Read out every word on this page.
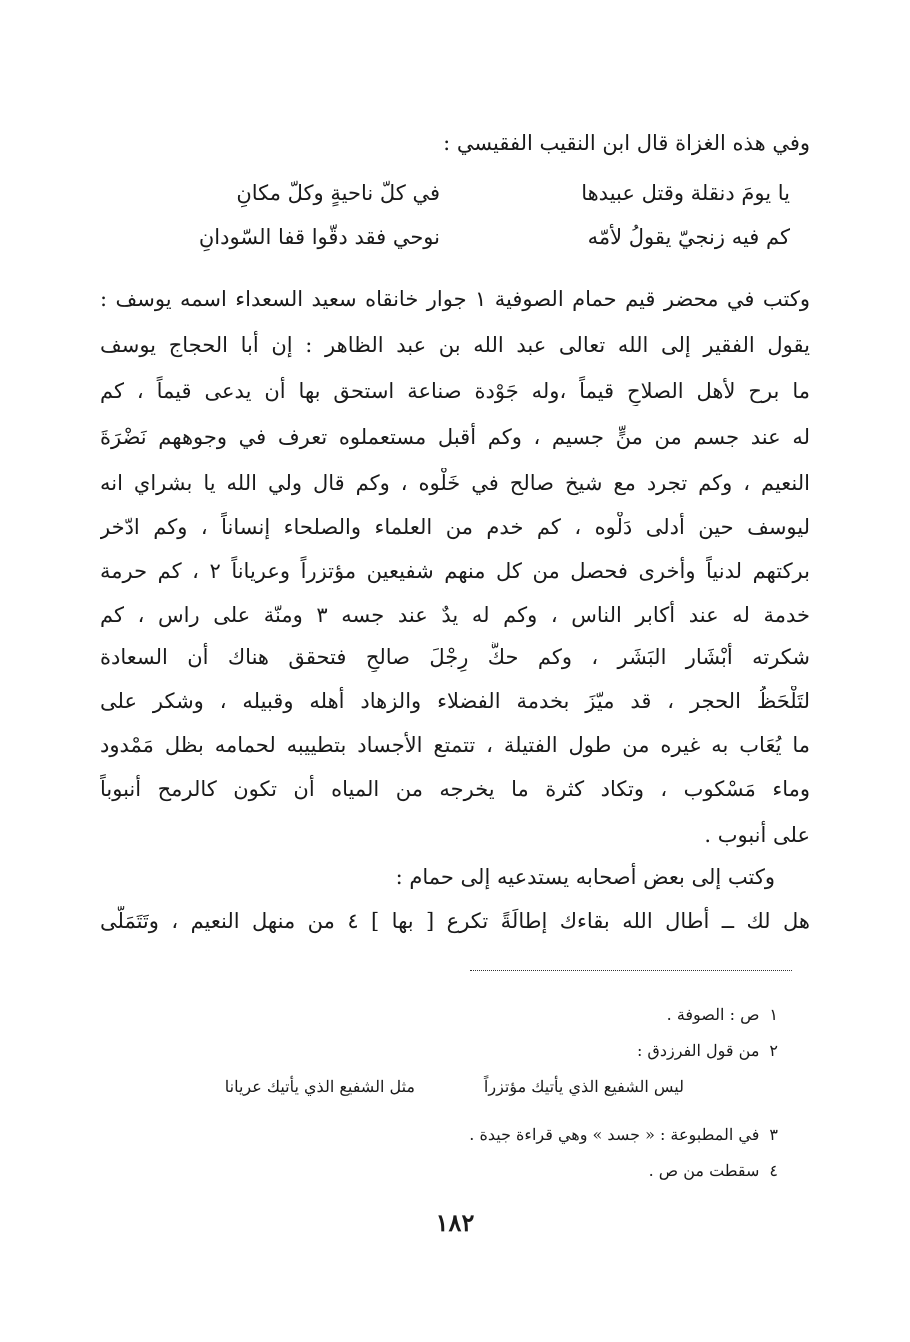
وفي هذه الغزاة قال ابن النقيب الفقيسي :
يا يومَ دنقلة وقتل عبيدها
في كلّ ناحيةٍ وكلّ مكانِ
كم فيه زنجيّ يقولُ لأمّه
نوحي فقد دقّوا قفا السّودانِ
وكتب في محضر قيم حمام الصوفية ١ جوار خانقاه سعيد السعداء اسمه يوسف :
يقول الفقير إلى الله تعالى عبد الله بن عبد الظاهر : إن أبا الحجاج يوسف
ما برح لأهل الصلاحِ قيماً ،وله جَوْدة صناعة استحق بها أن يدعى قيماً ، كم
له عند جسم من منٍّ جسيم ، وكم أقبل مستعملوه تعرف في وجوههم نَضْرَةَ
النعيم ، وكم تجرد مع شيخ صالح في خَلْوه ، وكم قال ولي الله يا بشراي انه
ليوسف حين أدلى دَلْوه ، كم خدم من العلماء والصلحاء إنساناً ، وكم ادّخر
بركتهم لدنياً وأخرى فحصل من كل منهم شفيعين مؤتزراً وعرياناً ٢ ، كم حرمة
خدمة له عند أكابر الناس ، وكم له يدٌ عند جسه ٣ ومنّة على راس ، كم
شكرته أبْشَار البَشَر ، وكم حكَّ رِجْلَ صالحٍ فتحقق هناك أن السعادة
لتَلْحَظُ الحجر ، قد ميّزَ بخدمة الفضلاء والزهاد أهله وقبيله ، وشكر على
ما يُعَاب به غيره من طول الفتيلة ، تتمتع الأجساد بتطييبه لحمامه بظل مَمْدود
وماء مَسْكوب ، وتكاد كثرة ما يخرجه من المياه أن تكون كالرمح أنبوباً
على أنبوب .
وكتب إلى بعض أصحابه يستدعيه إلى حمام :
هل لك ــ أطال الله بقاءك إطالَةً تكرع [ بها ] ٤ من منهل النعيم ، وتَتَمَلّى
١ص : الصوفة .
٢من قول الفرزدق :
ليس الشفيع الذي يأتيك مؤتزراً
مثل الشفيع الذي يأتيك عريانا
٣في المطبوعة : « جسد » وهي قراءة جيدة .
٤سقطت من ص .
١٨٢
